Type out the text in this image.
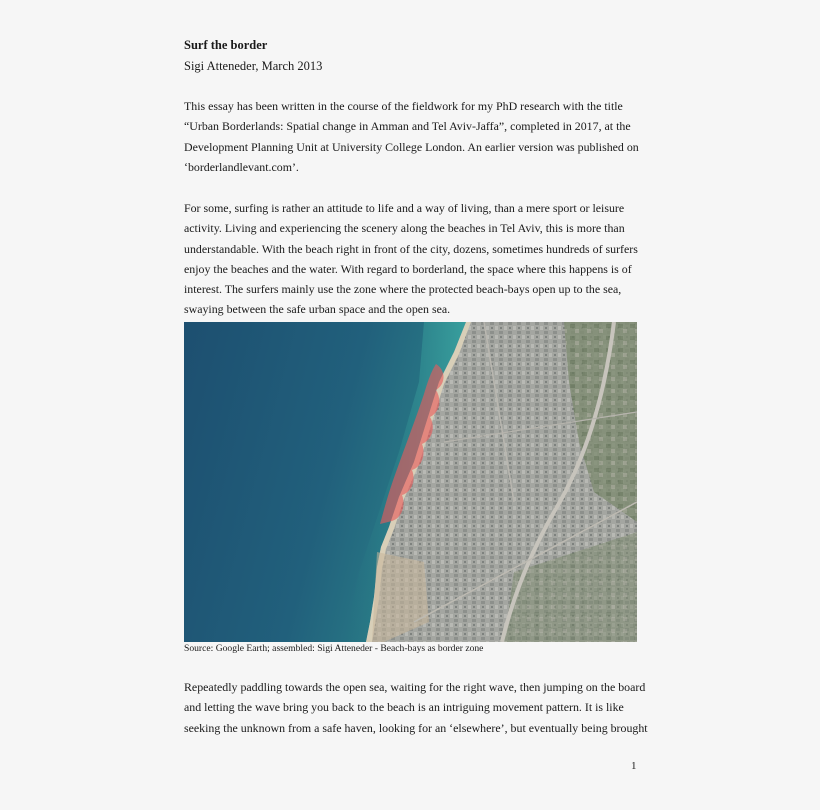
Surf the border
Sigi Atteneder, March 2013
This essay has been written in the course of the fieldwork for my PhD research with the title
“Urban Borderlands: Spatial change in Amman and Tel Aviv-Jaffa”, completed in 2017, at the
Development Planning Unit at University College London. An earlier version was published on
‘borderlandlevant.com’.
For some, surfing is rather an attitude to life and a way of living, than a mere sport or leisure
activity. Living and experiencing the scenery along the beaches in Tel Aviv, this is more than
understandable. With the beach right in front of the city, dozens, sometimes hundreds of surfers
enjoy the beaches and the water. With regard to borderland, the space where this happens is of
interest. The surfers mainly use the zone where the protected beach-bays open up to the sea,
swaying between the safe urban space and the open sea.
Source: Google Earth; assembled: Sigi Atteneder - Beach-bays as border zone
Repeatedly paddling towards the open sea, waiting for the right wave, then jumping on the board
and letting the wave bring you back to the beach is an intriguing movement pattern. It is like
seeking the unknown from a safe haven, looking for an ‘elsewhere’, but eventually being brought
1
